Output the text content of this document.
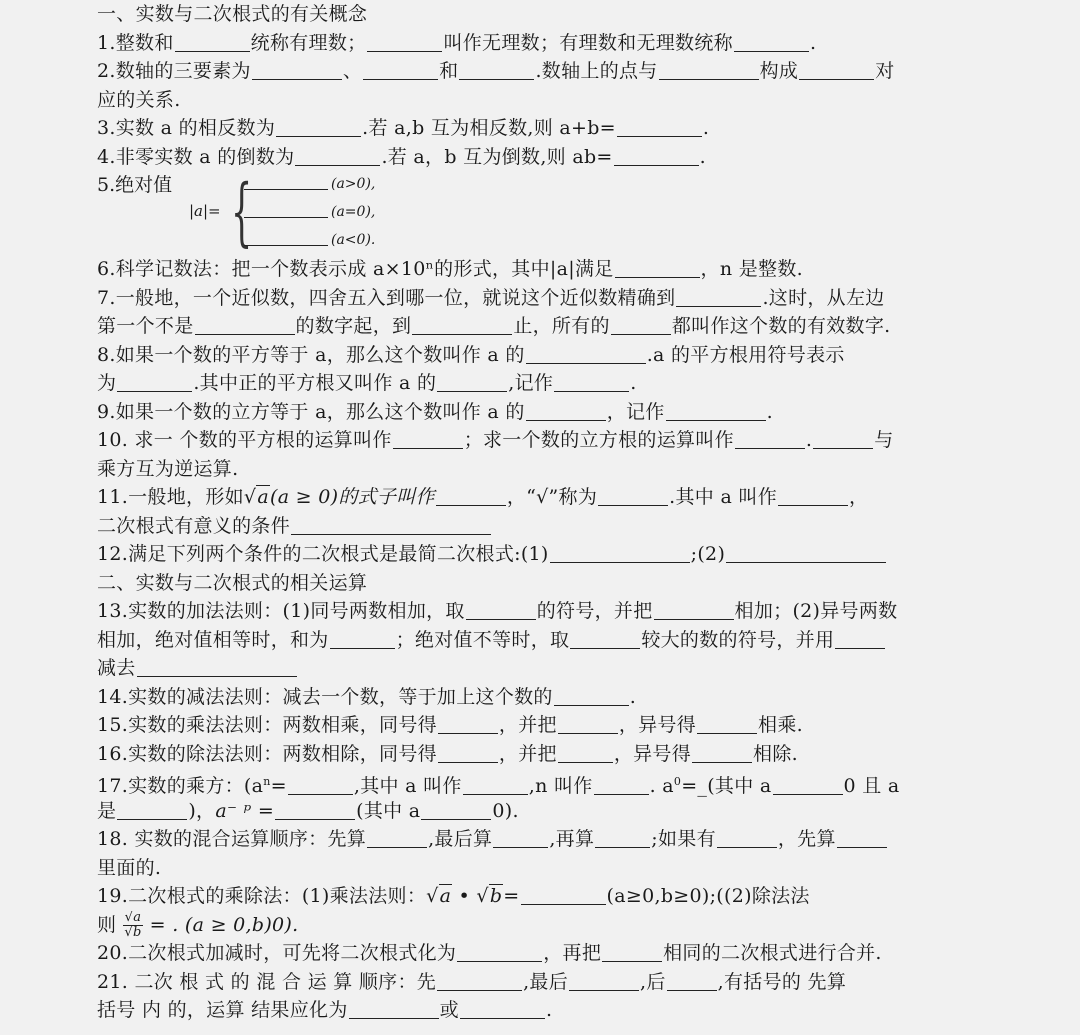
一、实数与二次根式的有关概念
1.整数和	统称有理数；	叫作无理数；有理数和无理数统称	.
2.数轴的三要素为	、	和	.数轴上的点与	构成	对
应的关系.
3.实数 a 的相反数为	.若 a,b 互为相反数,则 a+b=	.
4.非零实数 a 的倒数为	.若 a，b 互为倒数,则 ab=	.
5.绝对值
|a|= {	(a>0),
(a=0),
(a<0).
6.科学记数法：把一个数表示成 a×10ⁿ的形式，其中|a|满足	，n 是整数.
7.一般地，一个近似数，四舍五入到哪一位，就说这个近似数精确到	.这时，从左边
第一个不是	的数字起，到	止，所有的	都叫作这个数的有效数字.
8.如果一个数的平方等于 a，那么这个数叫作 a 的	.a 的平方根用符号表示
为	.其中正的平方根又叫作 a 的	,记作	.
9.如果一个数的立方等于 a，那么这个数叫作 a 的	，记作	.
10. 求一 个数的平方根的运算叫作	；求一个数的立方根的运算叫作	.	与
乘方互为逆运算.
11.一般地，形如√a(a ≥ 0)的式子叫作	，“√”称为	.其中 a 叫作	，
二次根式有意义的条件
12.满足下列两个条件的二次根式是最简二次根式:(1)	;(2)
二、实数与二次根式的相关运算
13.实数的加法法则：(1)同号两数相加，取	的符号，并把	相加；(2)异号两数
相加，绝对值相等时，和为	；绝对值不等时，取	较大的数的符号，并用
减去
14.实数的减法法则：减去一个数，等于加上这个数的	.
15.实数的乘法法则：两数相乘，同号得	，并把	，异号得	相乘.
16.实数的除法法则：两数相除，同号得	，并把	，异号得	相除.
17.实数的乘方：($a^n=$	,其中 a 叫作	,n 叫作	. $a^0=\_$(其中 a	0 且 a
是	)，a⁻ ᵖ =	(其中 a	0).
18. 实数的混合运算顺序：先算	,最后算	,再算	;如果有	，先算
里面的.
19.二次根式的乘除法：(1)乘法法则：√a • √b=	(a≥0,b≥0);((2)除法法
则 $\frac{√a}{√b}$ = . (a ≥ 0,b)0).
20.二次根式加减时，可先将二次根式化为	，再把	相同的二次根式进行合并.
21. 二次 根 式 的 混 合 运 算 顺序：先	,最后	,后	,有括号的 先算
括号 内 的，运算 结果应化为	或	.
